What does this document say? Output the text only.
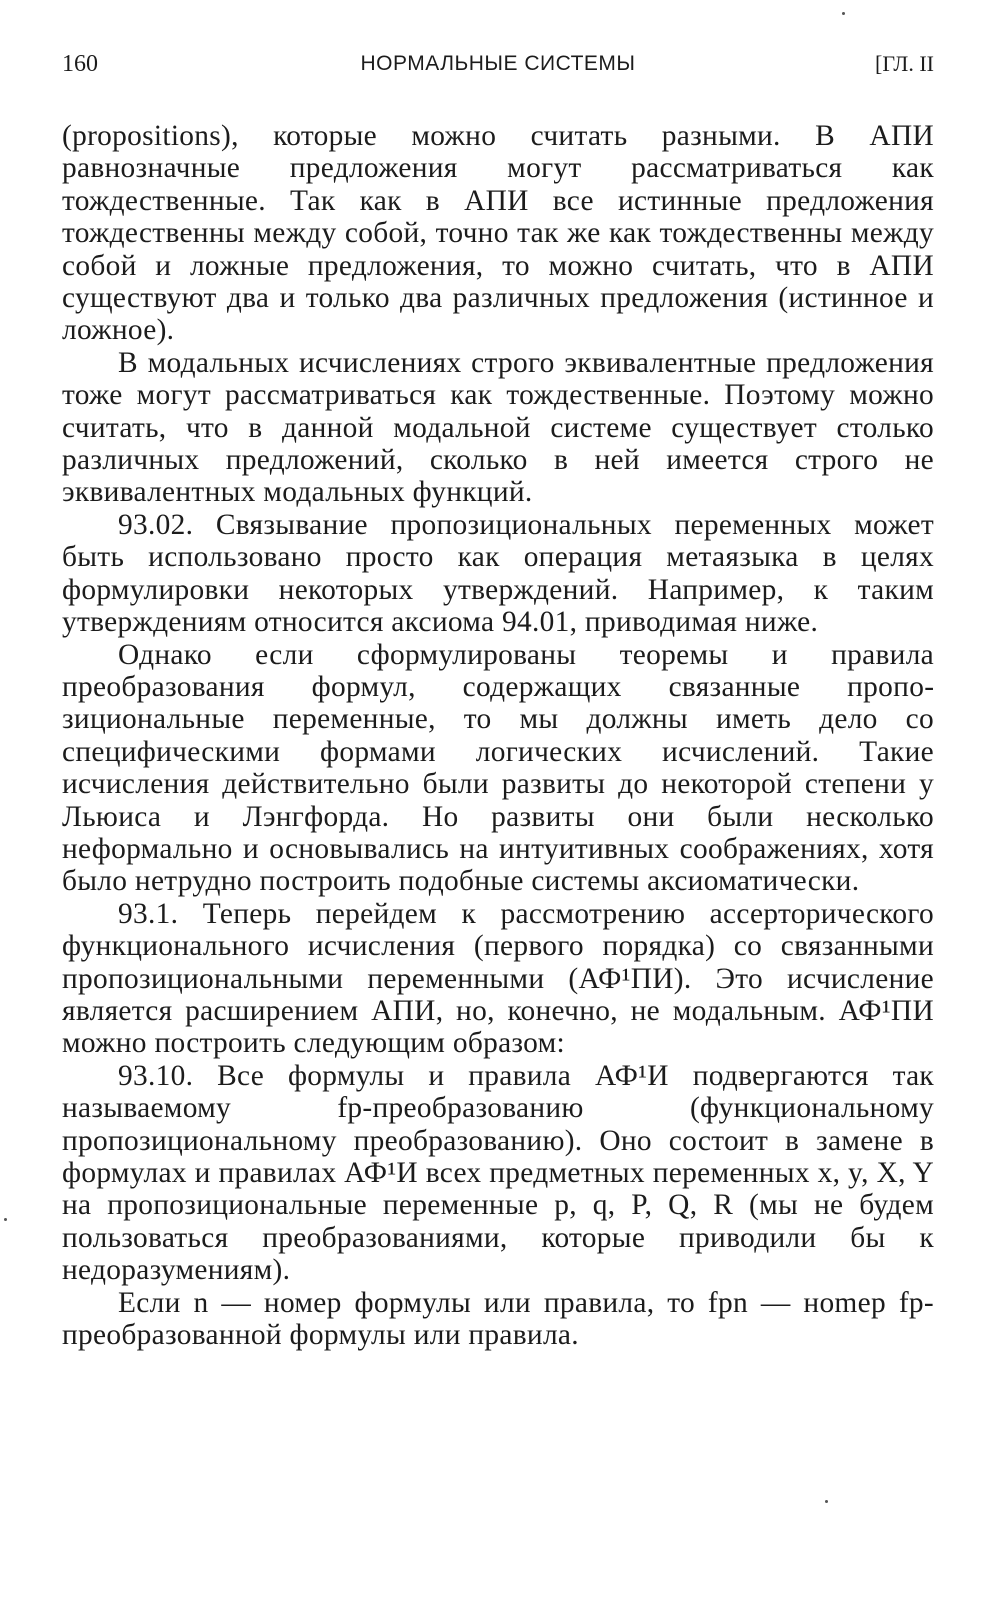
160	НОРМАЛЬНЫЕ СИСТЕМЫ	[ГЛ. II

(propositions), которые можно считать разными. В АПИ равнозначные предложения могут рассматриваться как тождественные. Так как в АПИ все истинные предложения тождественны между собой, точно так же как тождественны между собой и ложные предложения, то можно считать, что в АПИ существуют два и только два различных предложения (истинное и ложное).

В модальных исчислениях строго эквивалентные предложения тоже могут рассматриваться как тождественные. Поэтому можно считать, что в данной модальной системе существует столько различных предложений, сколько в ней имеется строго не эквивалентных модальных функций.

93.02. Связывание пропозициональных переменных может быть использовано просто как операция метаязыка в целях формулировки некоторых утверждений. Например, к таким утверждениям относится аксиома 94.01, приводимая ниже.

Однако если сформулированы теоремы и правила преобразования формул, содержащих связанные пропозициональные переменные, то мы должны иметь дело со специфическими формами логических исчислений. Такие исчисления действительно были развиты до некоторой степени у Льюиса и Лэнгфорда. Но развиты они были несколько неформально и основывались на интуитивных соображениях, хотя было нетрудно построить подобные системы аксиоматически.

93.1. Теперь перейдем к рассмотрению ассерторического функционального исчисления (первого порядка) со связанными пропозициональными переменными (АФ¹ПИ). Это исчисление является расширением АПИ, но, конечно, не модальным. АФ¹ПИ можно построить следующим образом:

93.10. Все формулы и правила АФ¹И подвергаются так называемому fp-преобразованию (функциональному пропозициональному преобразованию). Оно состоит в замене в формулах и правилах АФ¹И всех предметных переменных x, y, X, Y на пропозициональные переменные p, q, P, Q, R (мы не будем пользоваться преобразованиями, которые приводили бы к недоразумениям).

Если n — номер формулы или правила, то fpn — ноmер fp-преобразованной формулы или правила.
